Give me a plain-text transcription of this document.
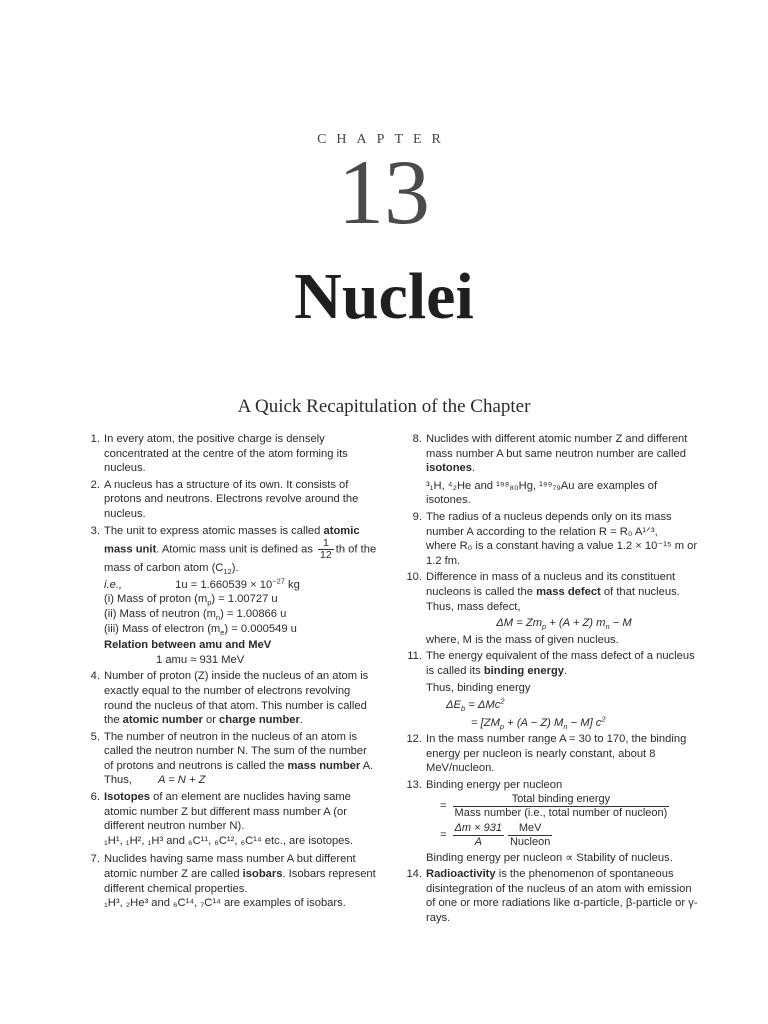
CHAPTER
13
Nuclei
A Quick Recapitulation of the Chapter
1. In every atom, the positive charge is densely concentrated at the centre of the atom forming its nucleus.

2. A nucleus has a structure of its own. It consists of protons and neutrons. Electrons revolve around the nucleus.

3. The unit to express atomic masses is called atomic mass unit. Atomic mass unit is defined as $\frac{1}{12}$ th of the mass of carbon atom $(C_{12})$.

i.e.,	$1u = 1.660539 \times 10^{-27}$ kg

(i) Mass of proton $(m_p) = 1.00727$ u

(ii) Mass of neutron $(m_n) = 1.00866$ u

(iii) Mass of electron $(m_e) = 0.000549$ u

Relation between amu and MeV

1 amu ≈ 931 MeV

4. Number of proton (Z) inside the nucleus of an atom is exactly equal to the number of electrons revolving round the nucleus of that atom. This number is called the atomic number or charge number.

5. The number of neutron in the nucleus of an atom is called the neutron number N. The sum of the number of protons and neutrons is called the mass number A.

Thus, A = N + Z

6. Isotopes of an element are nuclides having same atomic number Z but different mass number A (or different neutron number N).

₁H¹, ₁H², ₁H³ and ₆C¹¹, ₆C¹², ₆C¹⁴ etc., are isotopes.

7. Nuclides having same mass number A but different atomic number Z are called isobars. Isobars represent different chemical properties.

₁H³, ₂He³ and ₆C¹⁴, ₇C¹⁴ are examples of isobars.

8. Nuclides with different atomic number Z and different mass number A but same neutron number are called isotones.

³₁H, ⁴₂He and ¹⁹⁸₈₀Hg, ¹⁹⁹₇₉Au are examples of isotones.

9. The radius of a nucleus depends only on its mass number A according to the relation R = R₀ A¹ᐟ³,

where R₀ is a constant having a value 1.2 × 10⁻¹⁵ m or 1.2 fm.

10. Difference in mass of a nucleus and its constituent nucleons is called the mass defect of that nucleus. Thus, mass defect,

$\Delta M = Zm_p + (A + Z) m_n - M$

where, M is the mass of given nucleus.

11. The energy equivalent of the mass defect of a nucleus is called its binding energy.

Thus, binding energy

$\Delta E_b = \Delta Mc^2$

= $[ZM_p + (A - Z) M_n - M]$ $c^2$

12. In the mass number range A = 30 to 170, the binding energy per nucleon is nearly constant, about 8 MeV/nucleon.

13. Binding energy per nucleon

= $\frac{\text{Total binding energy}}{\text{Mass number (i.e., total number of nucleon)}}$
= $\frac{\Delta m \times 931}{A} \frac{\text{MeV}}{\text{Nucleon}}$

Binding energy per nucleon ∝ Stability of nucleus.

14. Radioactivity is the phenomenon of spontaneous disintegration of the nucleus of an atom with emission of one or more radiations like α-particle, β-particle or γ-rays.
